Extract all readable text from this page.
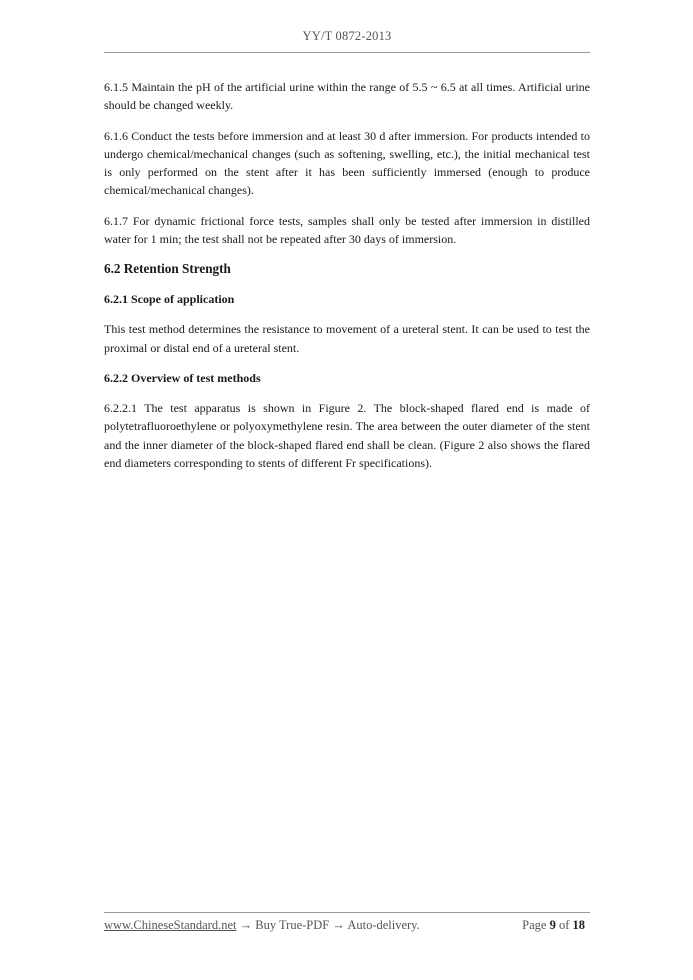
YY/T 0872-2013

6.1.5 Maintain the pH of the artificial urine within the range of 5.5 ~ 6.5 at all times. Artificial urine should be changed weekly.

6.1.6 Conduct the tests before immersion and at least 30 d after immersion. For products intended to undergo chemical/mechanical changes (such as softening, swelling, etc.), the initial mechanical test is only performed on the stent after it has been sufficiently immersed (enough to produce chemical/mechanical changes).

6.1.7 For dynamic frictional force tests, samples shall only be tested after immersion in distilled water for 1 min; the test shall not be repeated after 30 days of immersion.

6.2 Retention Strength
6.2.1 Scope of application

This test method determines the resistance to movement of a ureteral stent. It can be used to test the proximal or distal end of a ureteral stent.

6.2.2 Overview of test methods

6.2.2.1 The test apparatus is shown in Figure 2. The block-shaped flared end is made of polytetrafluoroethylene or polyoxymethylene resin. The area between the outer diameter of the stent and the inner diameter of the block-shaped flared end shall be clean. (Figure 2 also shows the flared end diameters corresponding to stents of different Fr specifications).

www.ChineseStandard.net → Buy True-PDF → Auto-delivery.	Page 9 of 18
